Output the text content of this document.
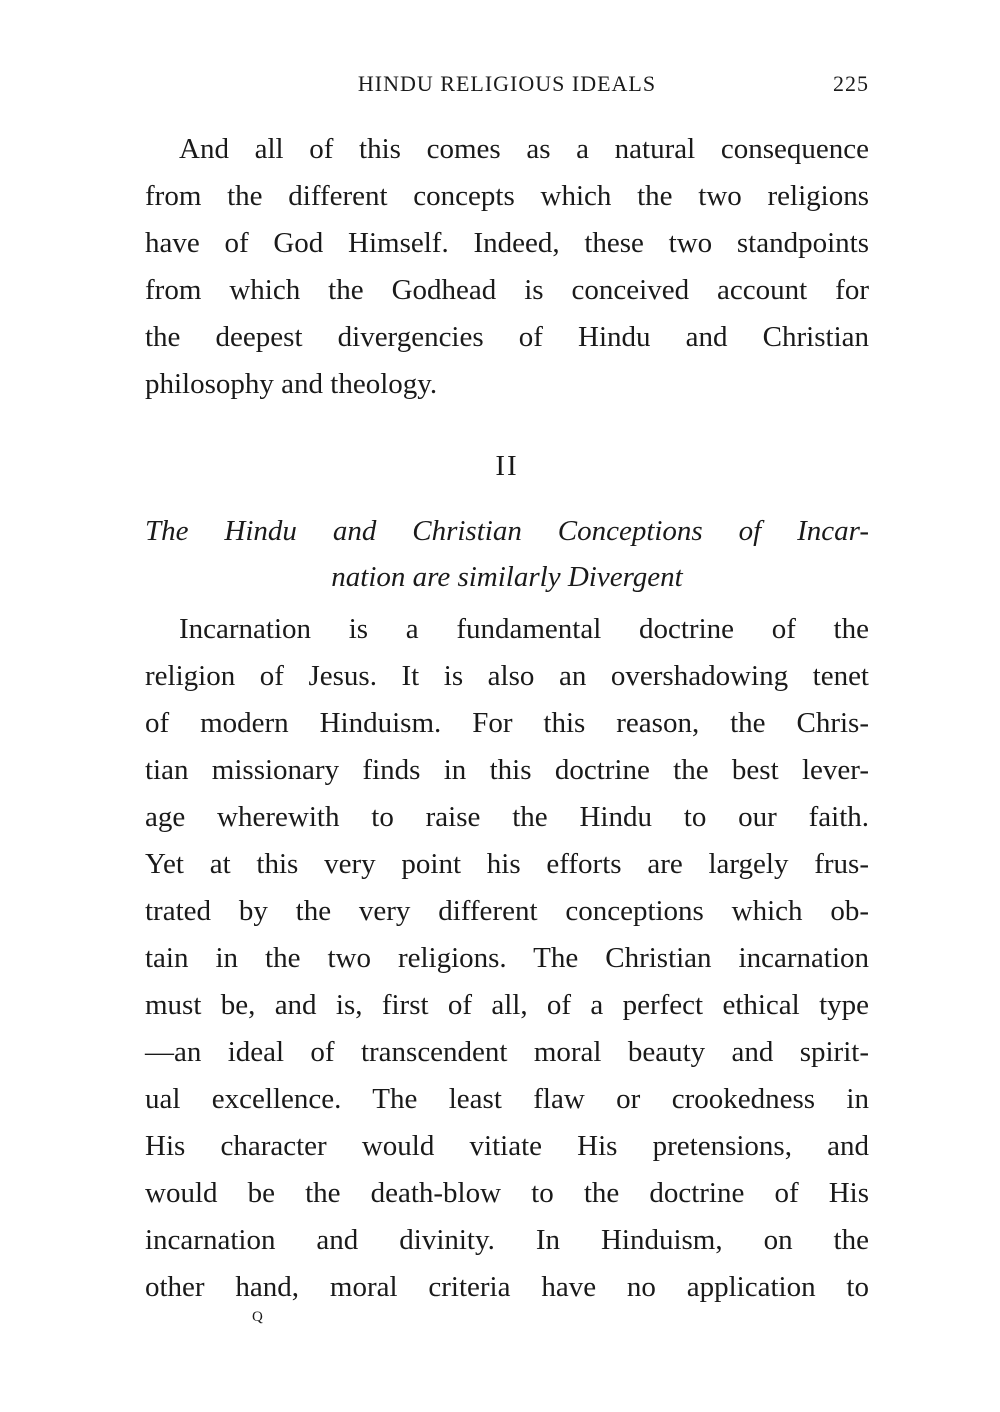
HINDU RELIGIOUS IDEALS	225
And all of this comes as a natural consequence
from the different concepts which the two religions
have of God Himself. Indeed, these two standpoints
from which the Godhead is conceived account for
the deepest divergencies of Hindu and Christian
philosophy and theology.
II
The Hindu and Christian Conceptions of Incar-
nation are similarly Divergent
Incarnation is a fundamental doctrine of the
religion of Jesus. It is also an overshadowing tenet
of modern Hinduism. For this reason, the Chris-
tian missionary finds in this doctrine the best lever-
age wherewith to raise the Hindu to our faith.
Yet at this very point his efforts are largely frus-
trated by the very different conceptions which ob-
tain in the two religions. The Christian incarnation
must be, and is, first of all, of a perfect ethical type
—an ideal of transcendent moral beauty and spirit-
ual excellence. The least flaw or crookedness in
His character would vitiate His pretensions, and
would be the death-blow to the doctrine of His
incarnation and divinity. In Hinduism, on the
other hand, moral criteria have no application to
Q
